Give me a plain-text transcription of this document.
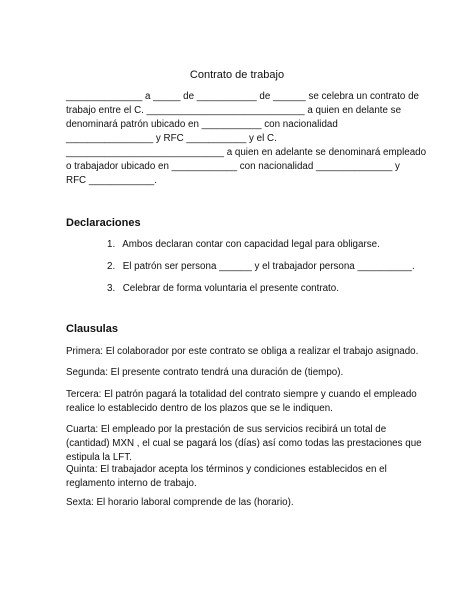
Contrato de trabajo
______________ a _____ de ___________ de ______ se celebra un contrato de
trabajo entre el C. _____________________________ a quien en delante se
denominará patrón ubicado en ___________ con nacionalidad
________________ y RFC ___________ y el C.
_____________________________ a quien en adelante se denominará empleado
o trabajador ubicado en ____________ con nacionalidad ______________ y
RFC ____________.
Declaraciones
1. Ambos declaran contar con capacidad legal para obligarse.
2. El patrón ser persona ______ y el trabajador persona __________.
3. Celebrar de forma voluntaria el presente contrato.
Clausulas
Primera: El colaborador por este contrato se obliga a realizar el trabajo asignado.
Segunda: El presente contrato tendrá una duración de (tiempo).
Tercera: El patrón pagará la totalidad del contrato siempre y cuando el empleado
realice lo establecido dentro de los plazos que se le indiquen.
Cuarta: El empleado por la prestación de sus servicios recibirá un total de
(cantidad) MXN , el cual se pagará los (días) así como todas las prestaciones que
estipula la LFT.
Quinta: El trabajador acepta los términos y condiciones establecidos en el
reglamento interno de trabajo.
Sexta: El horario laboral comprende de las (horario).
